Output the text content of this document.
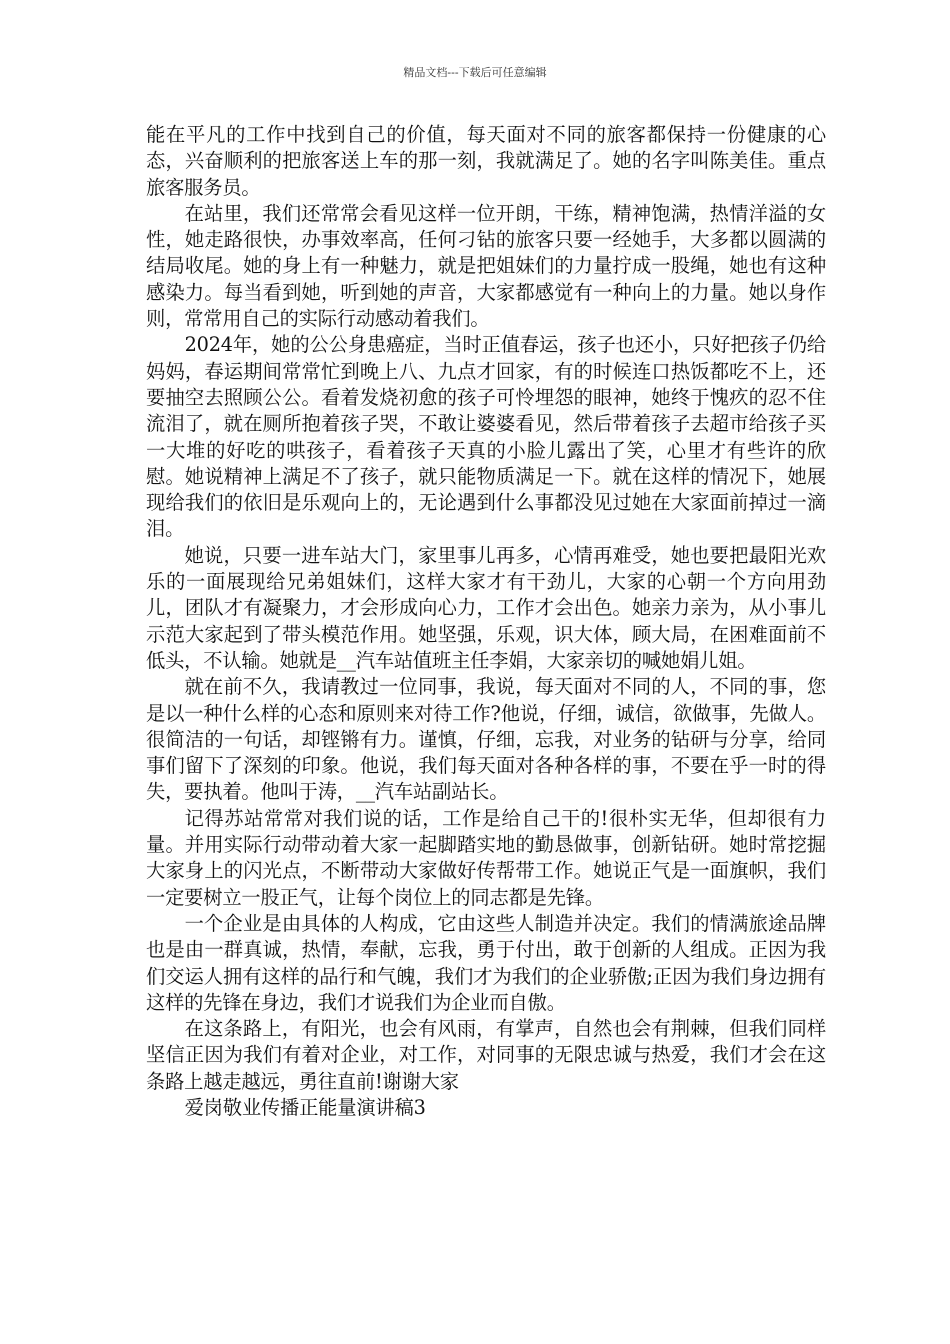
精品文档---下载后可任意编辑

能在平凡的工作中找到自己的价值，每天面对不同的旅客都保持一份健康的心态，兴奋顺利的把旅客送上车的那一刻，我就满足了。她的名字叫陈美佳。重点旅客服务员。

在站里，我们还常常会看见这样一位开朗，干练，精神饱满，热情洋溢的女性，她走路很快，办事效率高，任何刁钻的旅客只要一经她手，大多都以圆满的结局收尾。她的身上有一种魅力，就是把姐妹们的力量拧成一股绳，她也有这种感染力。每当看到她，听到她的声音，大家都感觉有一种向上的力量。她以身作则，常常用自己的实际行动感动着我们。

2024年，她的公公身患癌症，当时正值春运，孩子也还小，只好把孩子仍给妈妈，春运期间常常忙到晚上八、九点才回家，有的时候连口热饭都吃不上，还要抽空去照顾公公。看着发烧初愈的孩子可怜埋怨的眼神，她终于愧疚的忍不住流泪了，就在厕所抱着孩子哭，不敢让婆婆看见，然后带着孩子去超市给孩子买一大堆的好吃的哄孩子，看着孩子天真的小脸儿露出了笑，心里才有些许的欣慰。她说精神上满足不了孩子，就只能物质满足一下。就在这样的情况下，她展现给我们的依旧是乐观向上的，无论遇到什么事都没见过她在大家面前掉过一滴泪。

她说，只要一进车站大门，家里事儿再多，心情再难受，她也要把最阳光欢乐的一面展现给兄弟姐妹们，这样大家才有干劲儿，大家的心朝一个方向用劲儿，团队才有凝聚力，才会形成向心力，工作才会出色。她亲力亲为，从小事儿示范大家起到了带头模范作用。她坚强，乐观，识大体，顾大局，在困难面前不低头，不认输。她就是__汽车站值班主任李娟，大家亲切的喊她娟儿姐。

就在前不久，我请教过一位同事，我说，每天面对不同的人，不同的事，您是以一种什么样的心态和原则来对待工作?他说，仔细，诚信，欲做事，先做人。很简洁的一句话，却铿锵有力。谨慎，仔细，忘我，对业务的钻研与分享，给同事们留下了深刻的印象。他说，我们每天面对各种各样的事，不要在乎一时的得失，要执着。他叫于涛，__汽车站副站长。

记得苏站常常对我们说的话，工作是给自己干的!很朴实无华，但却很有力量。并用实际行动带动着大家一起脚踏实地的勤恳做事，创新钻研。她时常挖掘大家身上的闪光点，不断带动大家做好传帮带工作。她说正气是一面旗帜，我们一定要树立一股正气，让每个岗位上的同志都是先锋。

一个企业是由具体的人构成，它由这些人制造并决定。我们的情满旅途品牌也是由一群真诚，热情，奉献，忘我，勇于付出，敢于创新的人组成。正因为我们交运人拥有这样的品行和气魄，我们才为我们的企业骄傲;正因为我们身边拥有这样的先锋在身边，我们才说我们为企业而自傲。

在这条路上，有阳光，也会有风雨，有掌声，自然也会有荆棘，但我们同样坚信正因为我们有着对企业，对工作，对同事的无限忠诚与热爱，我们才会在这条路上越走越远，勇往直前!谢谢大家

爱岗敬业传播正能量演讲稿3
